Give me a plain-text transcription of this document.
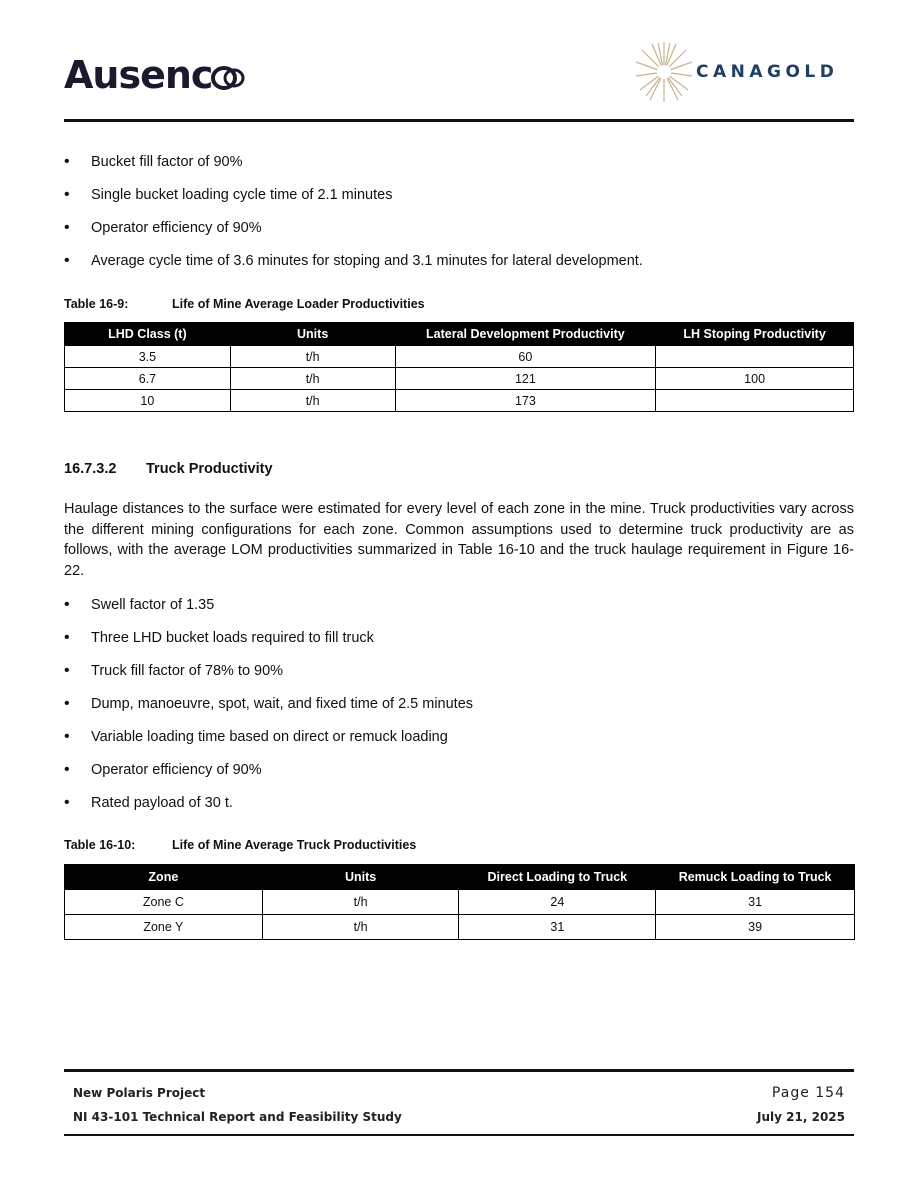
Ausenc	CANAGOLD
• Bucket fill factor of 90%
• Single bucket loading cycle time of 2.1 minutes
• Operator efficiency of 90%
• Average cycle time of 3.6 minutes for stoping and 3.1 minutes for lateral development.
Table 16-9:	Life of Mine Average Loader Productivities
LHD Class (t)	Units	Lateral Development Productivity	LH Stoping Productivity
3.5	t/h	60	
6.7	t/h	121	100
10	t/h	173	
16.7.3.2 Truck Productivity
Haulage distances to the surface were estimated for every level of each zone in the mine. Truck productivities vary across the different mining configurations for each zone. Common assumptions used to determine truck productivity are as follows, with the average LOM productivities summarized in Table 16-10 and the truck haulage requirement in Figure 16-22.
• Swell factor of 1.35
• Three LHD bucket loads required to fill truck
• Truck fill factor of 78% to 90%
• Dump, manoeuvre, spot, wait, and fixed time of 2.5 minutes
• Variable loading time based on direct or remuck loading
• Operator efficiency of 90%
• Rated payload of 30 t.
Table 16-10:	Life of Mine Average Truck Productivities
Zone	Units	Direct Loading to Truck	Remuck Loading to Truck
Zone C	t/h	24	31
Zone Y	t/h	31	39
New Polaris Project
NI 43-101 Technical Report and Feasibility Study
Page 154
July 21, 2025
